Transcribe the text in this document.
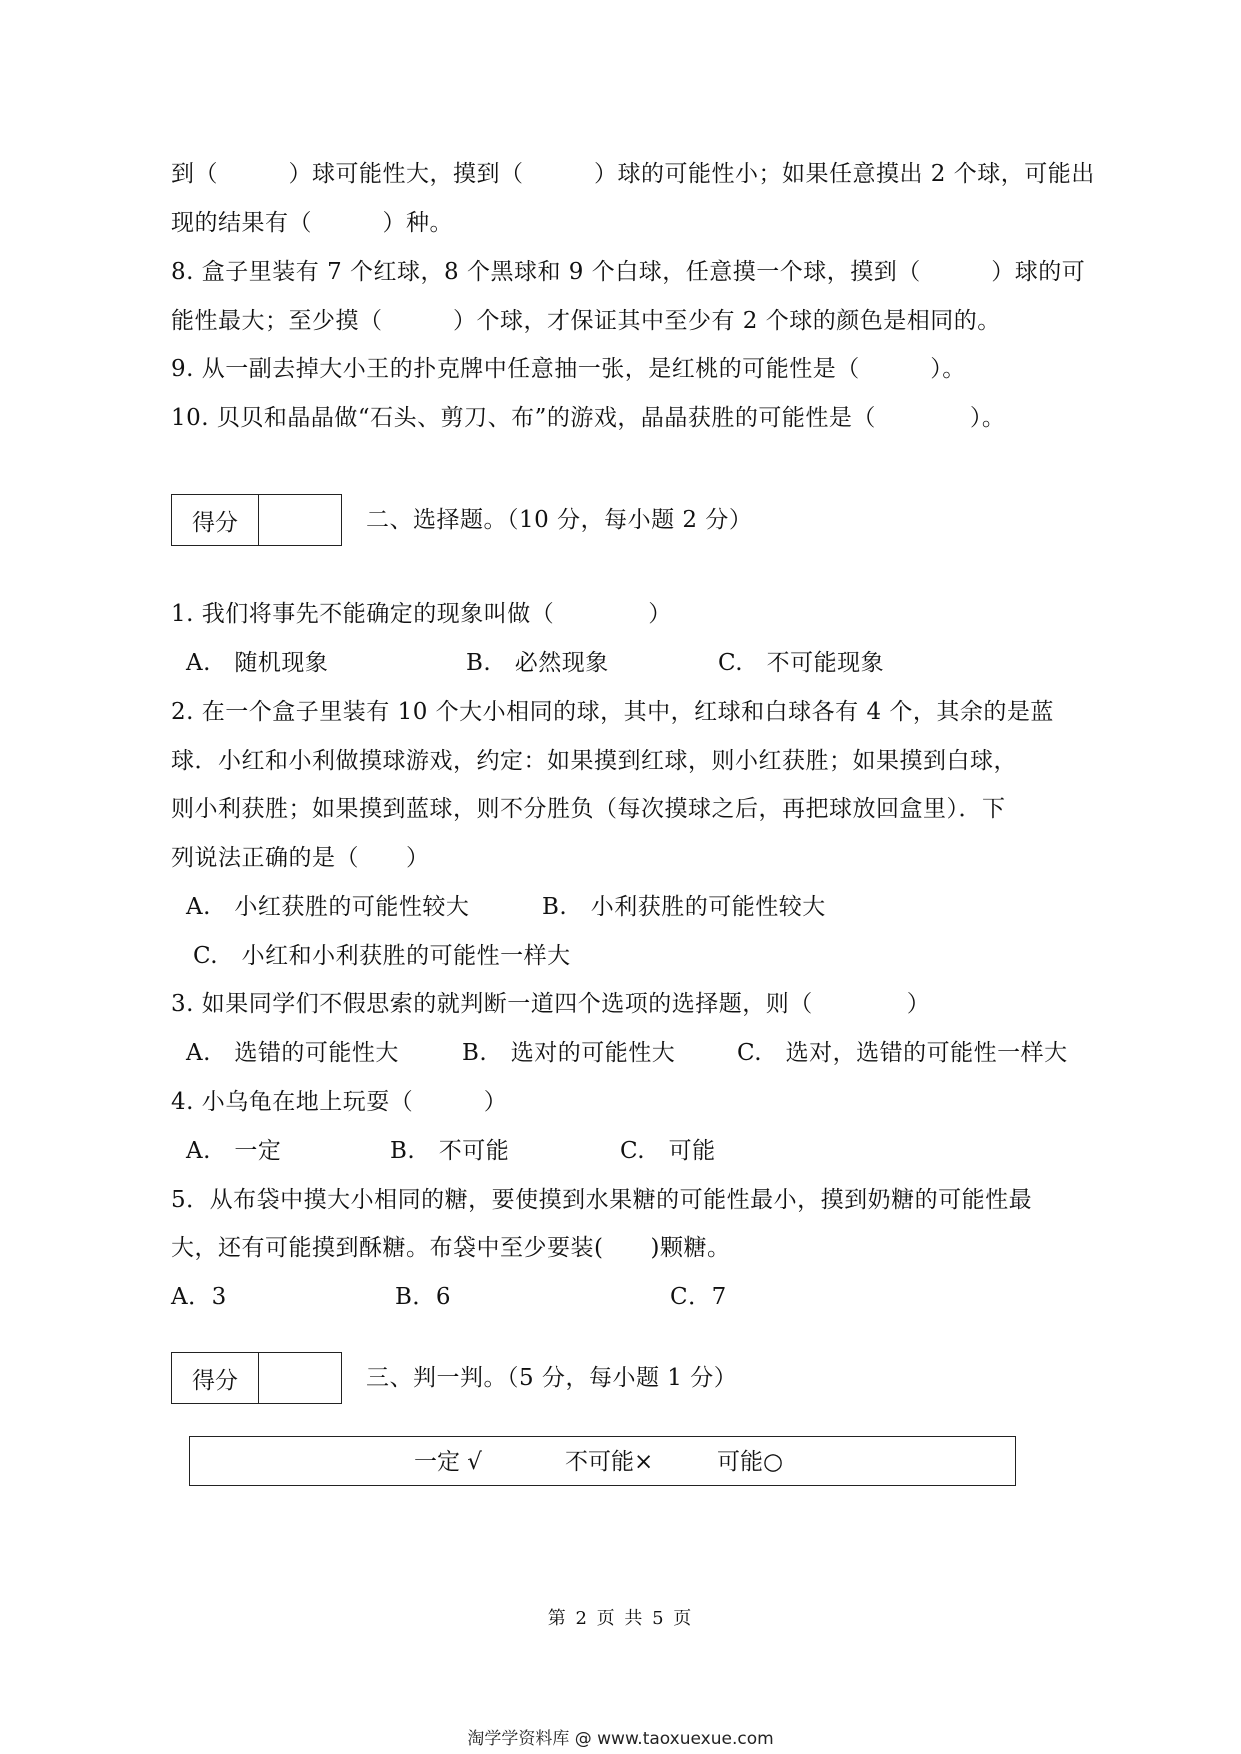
到（　　　）球可能性大，摸到（　　　）球的可能性小；如果任意摸出 2 个球，可能出
现的结果有（　　　）种。
8. 盒子里装有 7 个红球，8 个黑球和 9 个白球，任意摸一个球，摸到（　　　）球的可
能性最大；至少摸（　　　）个球，才保证其中至少有 2 个球的颜色是相同的。
9. 从一副去掉大小王的扑克牌中任意抽一张，是红桃的可能性是（　　　）。
10. 贝贝和晶晶做“石头、剪刀、布”的游戏，晶晶获胜的可能性是（　　　　）。
得分	二、选择题。（10 分，每小题 2 分）
1. 我们将事先不能确定的现象叫做（　　　　）
A.　随机现象	B.　必然现象	C.　不可能现象
2. 在一个盒子里装有 10 个大小相同的球，其中，红球和白球各有 4 个，其余的是蓝
球．小红和小利做摸球游戏，约定：如果摸到红球，则小红获胜；如果摸到白球，
则小利获胜；如果摸到蓝球，则不分胜负（每次摸球之后，再把球放回盒里）．下
列说法正确的是（　　）
A.　小红获胜的可能性较大	B.　小利获胜的可能性较大
C.　小红和小利获胜的可能性一样大
3. 如果同学们不假思索的就判断一道四个选项的选择题，则（　　　　）
A.　选错的可能性大	B.　选对的可能性大	C.　选对，选错的可能性一样大
4. 小乌龟在地上玩耍（　　　）
A.　一定	B.　不可能	C.　可能
5．从布袋中摸大小相同的糖，要使摸到水果糖的可能性最小，摸到奶糖的可能性最
大，还有可能摸到酥糖。布袋中至少要装(　　)颗糖。
A．3	B．6	C．7
得分	三、判一判。（5 分，每小题 1 分）
一定 √	不可能×	可能○
第 2 页 共 5 页
淘学学资料库 @ www.taoxuexue.com
